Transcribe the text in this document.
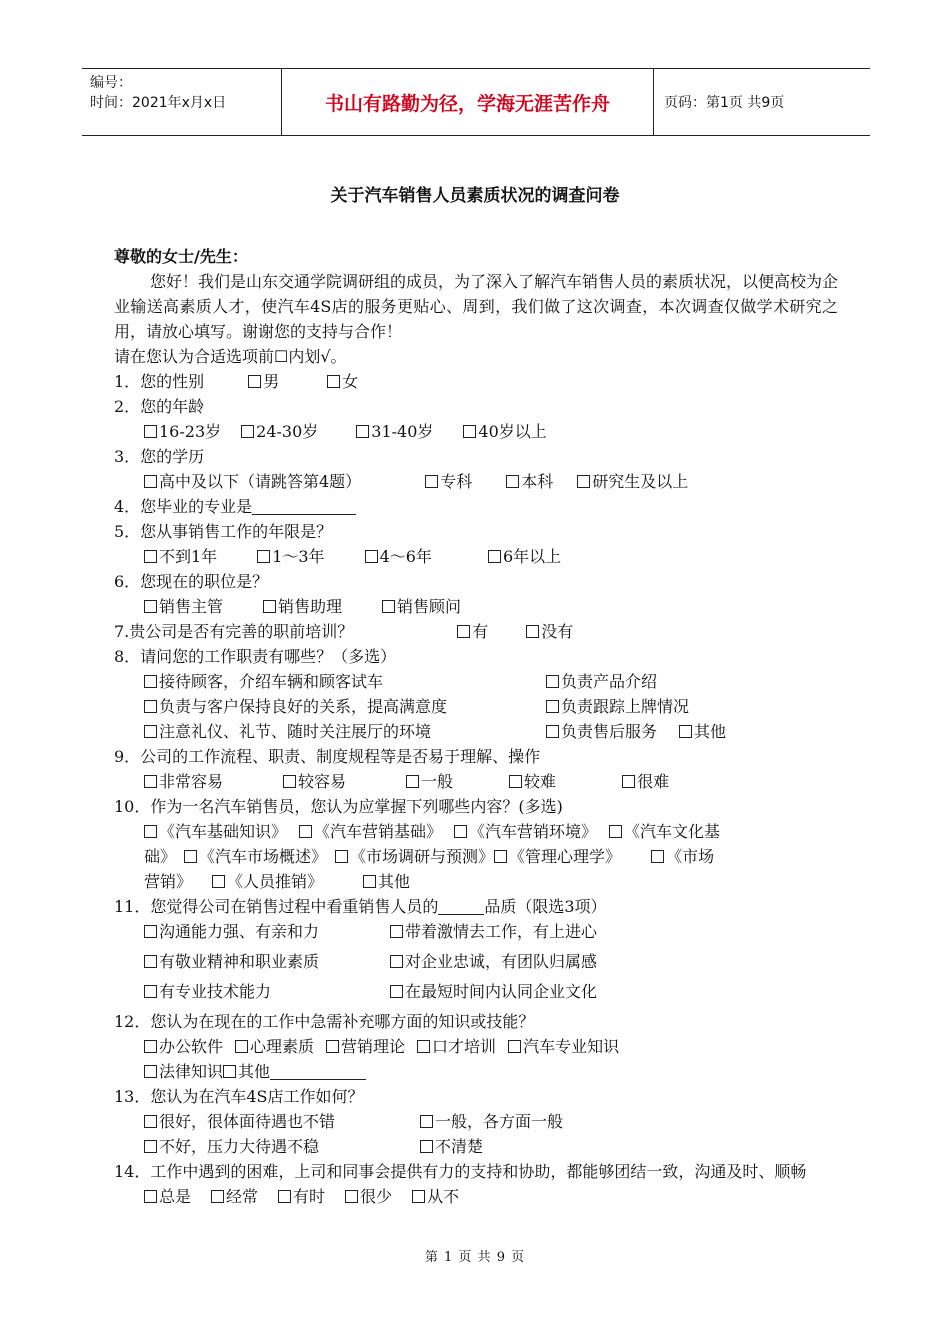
编号：
时间：2021年x月x日	书山有路勤为径，学海无涯苦作舟	页码：第1页 共9页
关于汽车销售人员素质状况的调查问卷

尊敬的女士/先生：

您好！我们是山东交通学院调研组的成员，为了深入了解汽车销售人员的素质状况，以便高校为企业输送高素质人才，使汽车4S店的服务更贴心、周到，我们做了这次调查，本次调查仅做学术研究之用，请放心填写。谢谢您的支持与合作！

请在您认为合适选项前☐内划√。

1．您的性别	男	女

2．您的年龄

16-23岁 24-30岁	31-40岁	40岁以上

3．您的学历

高中及以下（请跳答第4题）	专科	本科 研究生及以上

4．您毕业的专业是

5．您从事销售工作的年限是？

不到1年	1～3年	4～6年	6年以上

6．您现在的职位是？

销售主管	销售助理	销售顾问

7.贵公司是否有完善的职前培训？	有	没有

8．请问您的工作职责有哪些？（多选）

接待顾客，介绍车辆和顾客试车	负责产品介绍

负责与客户保持良好的关系，提高满意度	负责跟踪上牌情况

注意礼仪、礼节、随时关注展厅的环境	负责售后服务 其他

9．公司的工作流程、职责、制度规程等是否易于理解、操作

非常容易	较容易	一般	较难	很难

10．作为一名汽车销售员，您认为应掌握下列哪些内容？(多选)

《汽车基础知识》 《汽车营销基础》 《汽车营销环境》 《汽车文化基

础》 《汽车市场概述》 《市场调研与预测》 《管理心理学》	《市场

营销》 《人员推销》	其他

11．您觉得公司在销售过程中看重销售人员的	品质（限选3项）

沟通能力强、有亲和力	带着激情去工作，有上进心

有敬业精神和职业素质	对企业忠诚，有团队归属感

有专业技术能力	在最短时间内认同企业文化

12．您认为在现在的工作中急需补充哪方面的知识或技能？

办公软件 心理素质 营销理论 口才培训 汽车专业知识

法律知识 其他

13．您认为在汽车4S店工作如何？

很好，很体面待遇也不错	一般，各方面一般

不好，压力大待遇不稳	不清楚

14．工作中遇到的困难，上司和同事会提供有力的支持和协助，都能够团结一致，沟通及时、顺畅

总是 经常 有时 很少 从不

第 1 页 共 9 页
